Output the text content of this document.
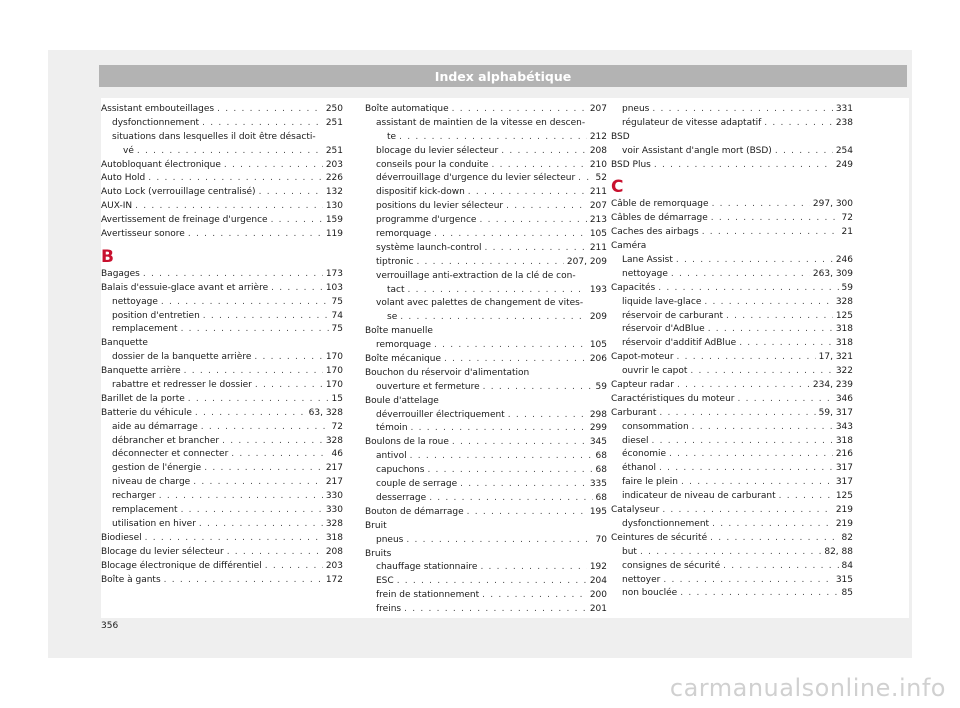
Index alphabétique
Assistant embouteillages . . .	250
dysfonctionnement . . .	251
situations dans lesquelles il doit être désacti-
vé . . .	251
Autobloquant électronique . . .	203
Auto Hold . . .	226
Auto Lock (verrouillage centralisé) . . .	132
AUX-IN . . .	130
Avertissement de freinage d'urgence . . .	159
Avertisseur sonore . . .	119
B
Bagages . . .	173
Balais d'essuie-glace avant et arrière . . .	103
nettoyage . . .	75
position d'entretien . . .	74
remplacement . . .	75
Banquette
dossier de la banquette arrière . . .	170
Banquette arrière . . .	170
rabattre et redresser le dossier . . .	170
Barillet de la porte . . .	15
Batterie du véhicule . . .	63, 328
aide au démarrage . . .	72
débrancher et brancher . . .	328
déconnecter et connecter . . .	46
gestion de l'énergie . . .	217
niveau de charge . . .	217
recharger . . .	330
remplacement . . .	330
utilisation en hiver . . .	328
Biodiesel . . .	318
Blocage du levier sélecteur . . .	208
Blocage électronique de différentiel . . .	203
Boîte à gants . . .	172
Boîte automatique . . .	207
assistant de maintien de la vitesse en descen-
te . . .	212
blocage du levier sélecteur . . .	208
conseils pour la conduite . . .	210
déverrouillage d'urgence du levier sélecteur . . . 52
dispositif kick-down . . .	211
positions du levier sélecteur . . .	207
programme d'urgence . . .	213
remorquage . . .	105
système launch-control . . .	211
tiptronic . . .	207, 209
verrouillage anti-extraction de la clé de con-
tact . . .	193
volant avec palettes de changement de vites-
se . . .	209
Boîte manuelle
remorquage . . .	105
Boîte mécanique . . .	206
Bouchon du réservoir d'alimentation
ouverture et fermeture . . .	59
Boule d'attelage
déverrouiller électriquement . . .	298
témoin . . .	299
Boulons de la roue . . .	345
antivol . . .	68
capuchons . . .	68
couple de serrage . . .	335
desserrage . . .	68
Bouton de démarrage . . .	195
Bruit
pneus . . .	70
Bruits
chauffage stationnaire . . .	192
ESC . . .	204
frein de stationnement . . .	200
freins . . .	201
pneus . . .	331
régulateur de vitesse adaptatif . . .	238
BSD
voir Assistant d'angle mort (BSD) . . .	254
BSD Plus . . .	249
C
Câble de remorquage . . .	297, 300
Câbles de démarrage . . .	72
Caches des airbags . . .	21
Caméra
Lane Assist . . .	246
nettoyage . . .	263, 309
Capacités . . .	59
liquide lave-glace . . .	328
réservoir de carburant . . .	125
réservoir d'AdBlue . . .	318
réservoir d'additif AdBlue . . .	318
Capot-moteur . . .	17, 321
ouvrir le capot . . .	322
Capteur radar . . .	234, 239
Caractéristiques du moteur . . .	346
Carburant . . .	59, 317
consommation . . .	343
diesel . . .	318
économie . . .	216
éthanol . . .	317
faire le plein . . .	317
indicateur de niveau de carburant . . .	125
Catalyseur . . .	219
dysfonctionnement . . .	219
Ceintures de sécurité . . .	82
but . . .	82, 88
consignes de sécurité . . .	84
nettoyer . . .	315
non bouclée . . .	85
356
carmanualsonline.info
